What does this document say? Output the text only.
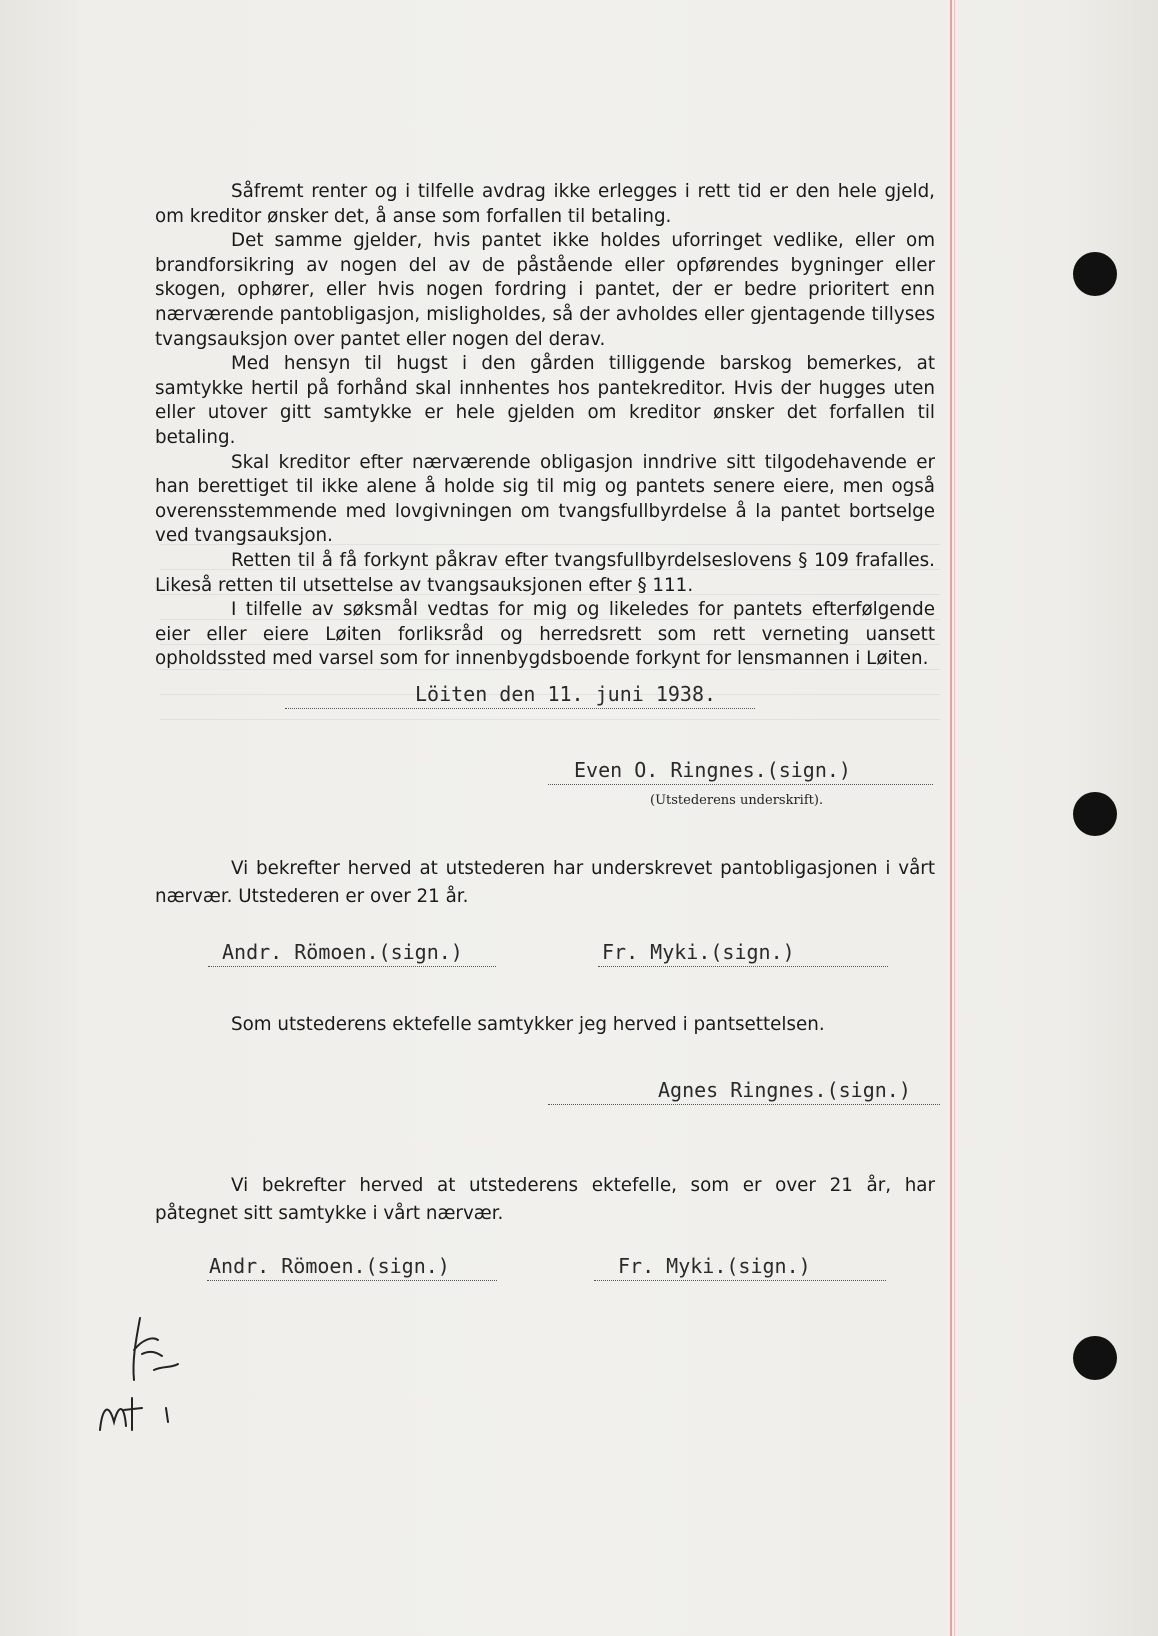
Såfremt renter og i tilfelle avdrag ikke erlegges i rett tid er den hele gjeld, om kreditor ønsker det, å anse som forfallen til betaling.

Det samme gjelder, hvis pantet ikke holdes uforringet vedlike, eller om brandforsikring av nogen del av de påstående eller opførendes bygninger eller skogen, ophører, eller hvis nogen fordring i pantet, der er bedre prioritert enn nærværende pantobligasjon, misligholdes, så der avholdes eller gjentagende tillyses tvangsauksjon over pantet eller nogen del derav.

Med hensyn til hugst i den gården tilliggende barskog bemerkes, at samtykke hertil på forhånd skal innhentes hos pantekreditor. Hvis der hugges uten eller utover gitt samtykke er hele gjelden om kreditor ønsker det forfallen til betaling.

Skal kreditor efter nærværende obligasjon inndrive sitt tilgodehavende er han berettiget til ikke alene å holde sig til mig og pantets senere eiere, men også overensstemmende med lovgivningen om tvangsfullbyrdelse å la pantet bortselge ved tvangsauksjon.

Retten til å få forkynt påkrav efter tvangsfullbyrdelseslovens § 109 frafalles. Likeså retten til utsettelse av tvangsauksjonen efter § 111.

I tilfelle av søksmål vedtas for mig og likeledes for pantets efterfølgende eier eller eiere Løiten forliksråd og herredsrett som rett verneting uansett opholdssted med varsel som for innenbygdsboende forkynt for lensmannen i Løiten.

Löiten den 11. juni 1938.
Even O. Ringnes.(sign.)
(Utstederens underskrift).
Vi bekrefter herved at utstederen har underskrevet pantobligasjonen i vårt nærvær. Utstederen er over 21 år.
Andr. Römoen.(sign.)	Fr. Myki.(sign.)
Som utstederens ektefelle samtykker jeg herved i pantsettelsen.
Agnes Ringnes.(sign.)
Vi bekrefter herved at utstederens ektefelle, som er over 21 år, har påtegnet sitt samtykke i vårt nærvær.
Andr. Römoen.(sign.)	Fr. Myki.(sign.)
